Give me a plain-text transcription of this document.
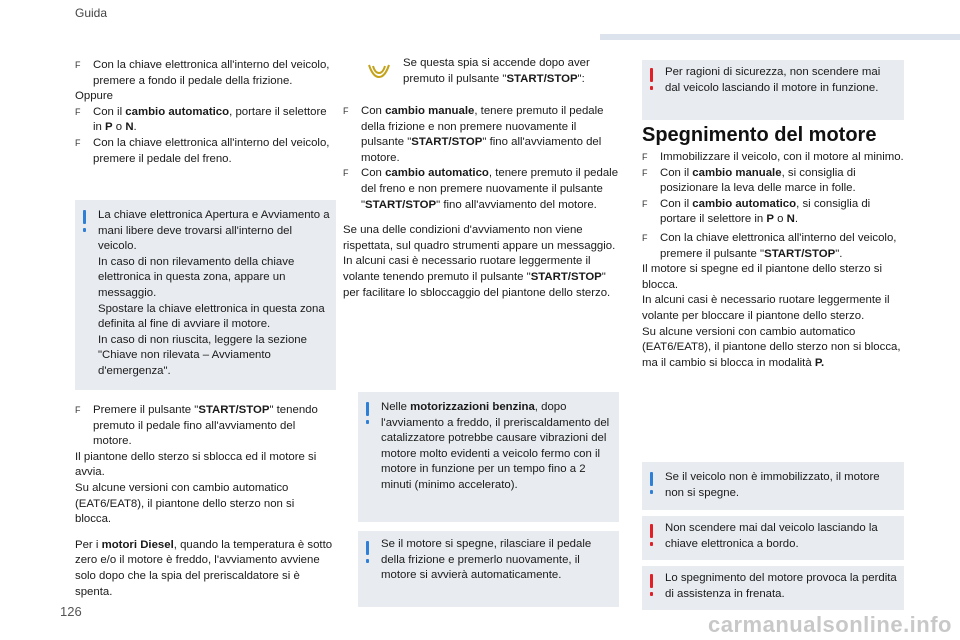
Guida

F Con la chiave elettronica all'interno del veicolo, premere a fondo il pedale della frizione.

Oppure

F Con il cambio automatico, portare il selettore in P o N.

F Con la chiave elettronica all'interno del veicolo, premere il pedale del freno.

La chiave elettronica Apertura e Avviamento a mani libere deve trovarsi all'interno del veicolo.
In caso di non rilevamento della chiave elettronica in questa zona, appare un messaggio.
Spostare la chiave elettronica in questa zona definita al fine di avviare il motore.
In caso di non riuscita, leggere la sezione "Chiave non rilevata – Avviamento d'emergenza".

F Premere il pulsante "START/STOP" tenendo premuto il pedale fino all'avviamento del motore.

Il piantone dello sterzo si sblocca ed il motore si avvia.
Su alcune versioni con cambio automatico (EAT6/EAT8), il piantone dello sterzo non si blocca.

Per i motori Diesel, quando la temperatura è sotto zero e/o il motore è freddo, l'avviamento avviene solo dopo che la spia del preriscaldatore si è spenta.

Se questa spia si accende dopo aver premuto il pulsante "START/STOP":

F Con cambio manuale, tenere premuto il pedale della frizione e non premere nuovamente il pulsante "START/STOP" fino all'avviamento del motore.

F Con cambio automatico, tenere premuto il pedale del freno e non premere nuovamente il pulsante "START/STOP" fino all'avviamento del motore.

Se una delle condizioni d'avviamento non viene rispettata, sul quadro strumenti appare un messaggio.

In alcuni casi è necessario ruotare leggermente il volante tenendo premuto il pulsante "START/STOP" per facilitare lo sbloccaggio del piantone dello sterzo.

Nelle motorizzazioni benzina, dopo l'avviamento a freddo, il preriscaldamento del catalizzatore potrebbe causare vibrazioni del motore molto evidenti a veicolo fermo con il motore in funzione per un tempo fino a 2 minuti (minimo accelerato).
Se il motore si spegne, rilasciare il pedale della frizione e premerlo nuovamente, il motore si avvierà automaticamente.
Per ragioni di sicurezza, non scendere mai dal veicolo lasciando il motore in funzione.
Spegnimento del motore

F Immobilizzare il veicolo, con il motore al minimo.

F Con il cambio manuale, si consiglia di posizionare la leva delle marce in folle.

F Con il cambio automatico, si consiglia di portare il selettore in P o N.

F Con la chiave elettronica all'interno del veicolo, premere il pulsante "START/STOP".

Il motore si spegne ed il piantone dello sterzo si blocca.
In alcuni casi è necessario ruotare leggermente il volante per bloccare il piantone dello sterzo.
Su alcune versioni con cambio automatico (EAT6/EAT8), il piantone dello sterzo non si blocca, ma il cambio si blocca in modalità P.

Se il veicolo non è immobilizzato, il motore non si spegne.
Non scendere mai dal veicolo lasciando la chiave elettronica a bordo.
Lo spegnimento del motore provoca la perdita di assistenza in frenata.
126
carmanualsonline.info
